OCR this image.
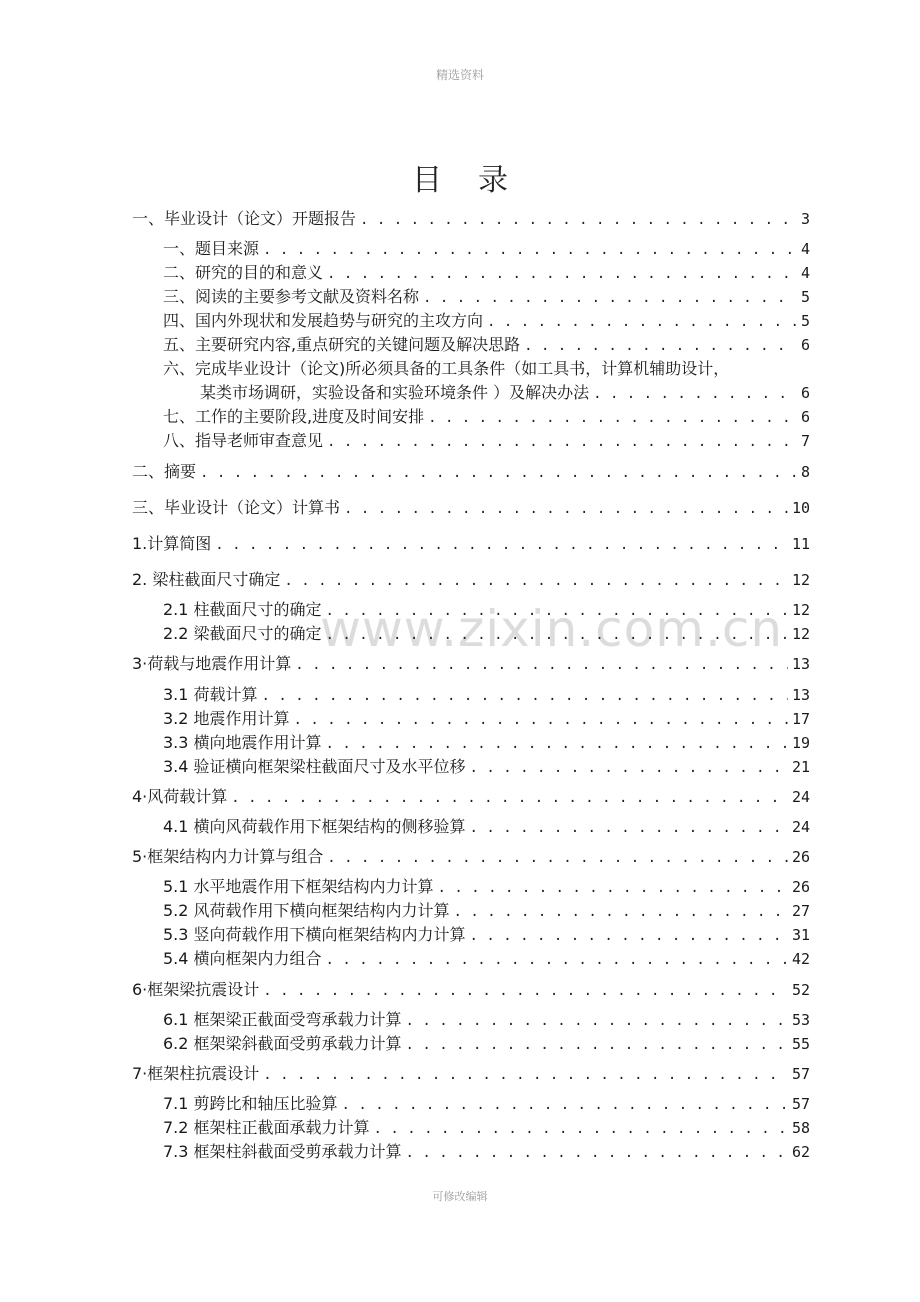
精选资料
www.zixin.com.cn
目录
一、毕业设计（论文）开题报告 . . .	3
一、题目来源 . . .	4
二、研究的目的和意义 . . .	4
三、阅读的主要参考文献及资料名称 . . .	5
四、国内外现状和发展趋势与研究的主攻方向 . . .	5
五、主要研究内容,重点研究的关键问题及解决思路 . . .	6
六、完成毕业设计（论文)所必须具备的工具条件（如工具书，计算机辅助设计，
某类市场调研，实验设备和实验环境条件 ）及解决办法 . . .	6
七、工作的主要阶段,进度及时间安排 . . .	6
八、指导老师审查意见 . . .	7
二、摘要 . . .	8
三、毕业设计（论文）计算书 . . .	10
1.计算简图 . . .	11
2. 梁柱截面尺寸确定 . . .	12
2.1 柱截面尺寸的确定 . . .	12
2.2 梁截面尺寸的确定 . . .	12
3·荷载与地震作用计算 . . .	13
3.1 荷载计算 . . .	13
3.2 地震作用计算 . . .	17
3.3 横向地震作用计算 . . .	19
3.4 验证横向框架梁柱截面尺寸及水平位移 . . .	21
4·风荷载计算 . . .	24
4.1 横向风荷载作用下框架结构的侧移验算 . . .	24
5·框架结构内力计算与组合 . . .	26
5.1 水平地震作用下框架结构内力计算 . . .	26
5.2 风荷载作用下横向框架结构内力计算 . . .	27
5.3 竖向荷载作用下横向框架结构内力计算 . . .	31
5.4 横向框架内力组合 . . .	42
6·框架梁抗震设计 . . .	52
6.1 框架梁正截面受弯承载力计算 . . .	53
6.2 框架梁斜截面受剪承载力计算 . . .	55
7·框架柱抗震设计 . . .	57
7.1 剪跨比和轴压比验算 . . .	57
7.2 框架柱正截面承载力计算 . . .	58
7.3 框架柱斜截面受剪承载力计算 . . .	62
可修改编辑
